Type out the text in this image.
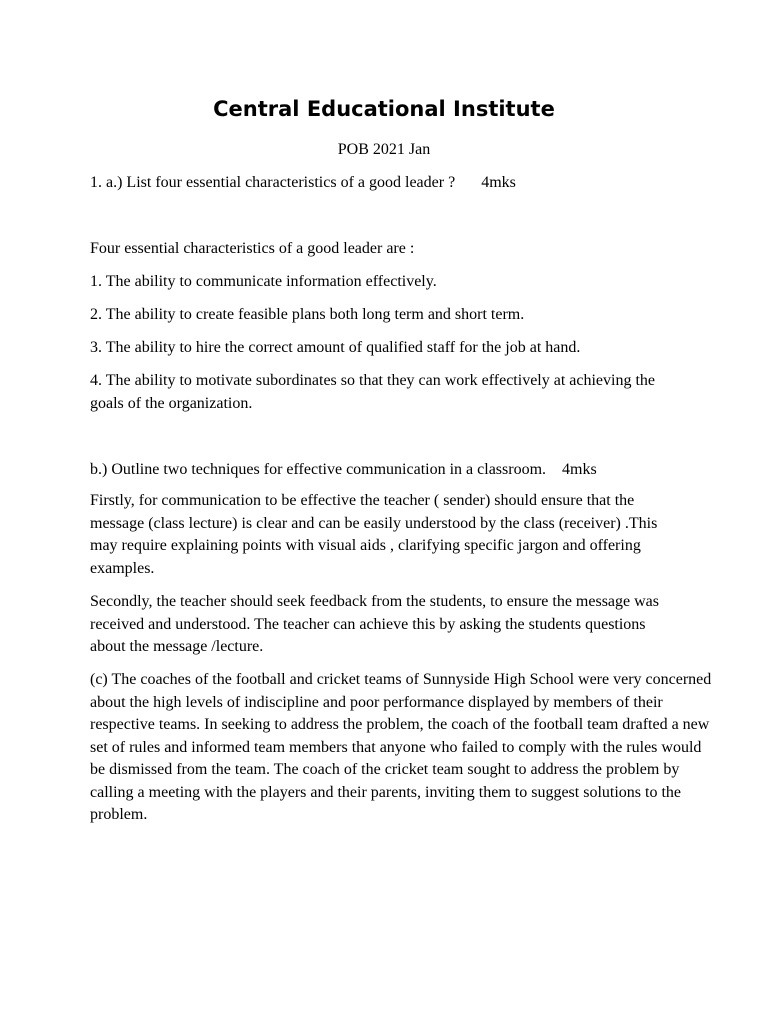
Central Educational Institute

POB 2021 Jan

1. a.) List four essential characteristics of a good leader ? 4mks

Four essential characteristics of a good leader are :

1. The ability to communicate information effectively.

2. The ability to create feasible plans both long term and short term.

3. The ability to hire the correct amount of qualified staff for the job at hand.

4. The ability to motivate subordinates so that they can work effectively at achieving the goals of the organization.

b.) Outline two techniques for effective communication in a classroom. 4mks

Firstly, for communication to be effective the teacher ( sender) should ensure that the message (class lecture) is clear and can be easily understood by the class (receiver) .This may require explaining points with visual aids , clarifying specific jargon and offering examples.

Secondly, the teacher should seek feedback from the students, to ensure the message was received and understood. The teacher can achieve this by asking the students questions about the message /lecture.

(c) The coaches of the football and cricket teams of Sunnyside High School were very concerned about the high levels of indiscipline and poor performance displayed by members of their respective teams. In seeking to address the problem, the coach of the football team drafted a new set of rules and informed team members that anyone who failed to comply with the rules would be dismissed from the team. The coach of the cricket team sought to address the problem by calling a meeting with the players and their parents, inviting them to suggest solutions to the problem.
